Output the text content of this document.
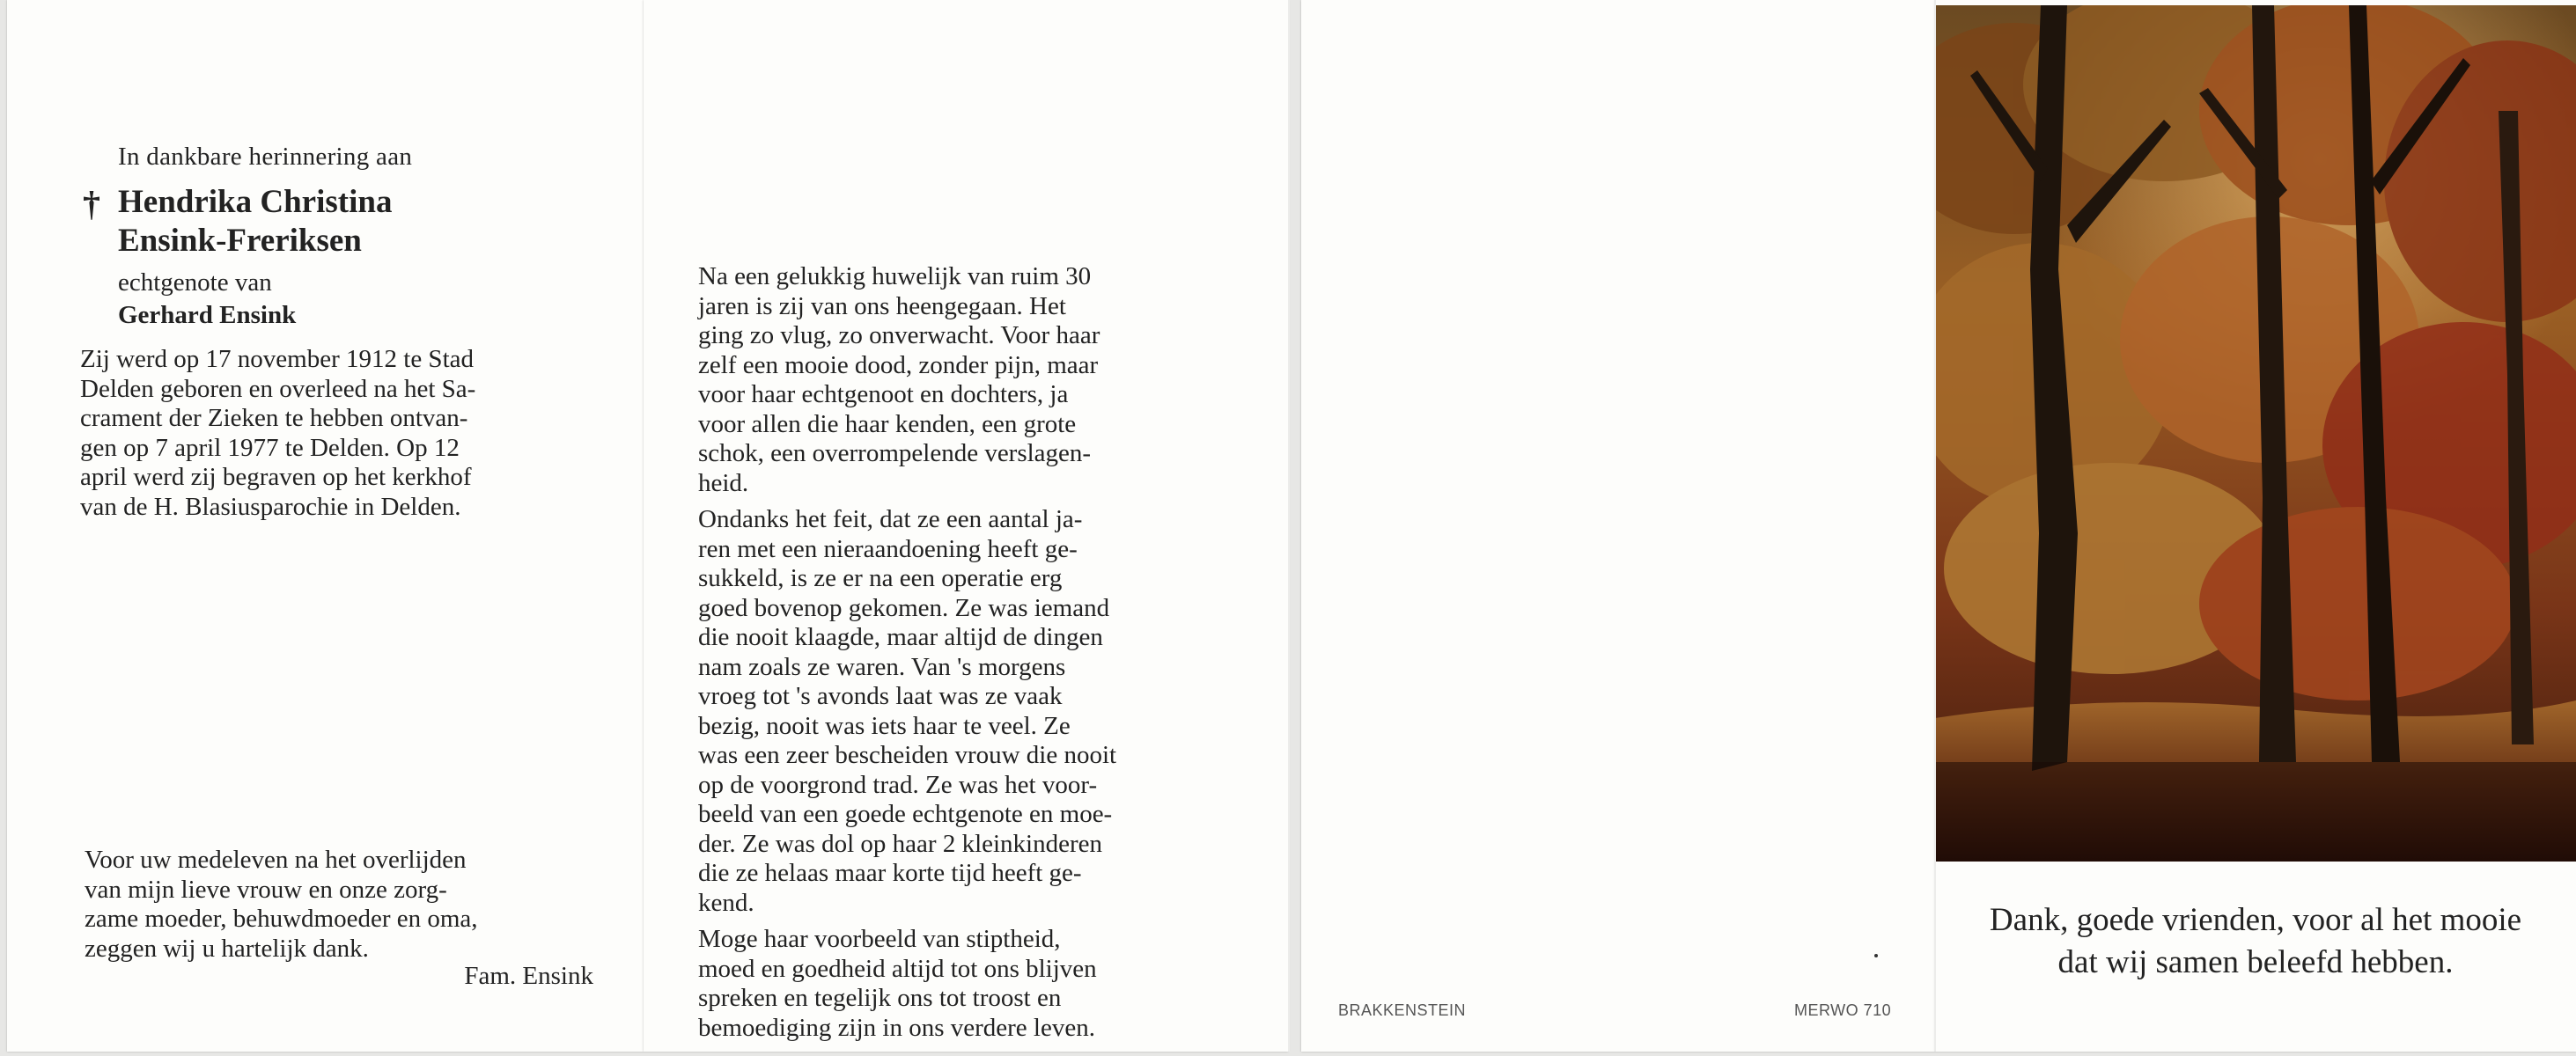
In dankbare herinnering aan
† Hendrika Christina
Ensink-Freriksen
echtgenote van
Gerhard Ensink
Zij werd op 17 november 1912 te Stad
Delden geboren en overleed na het Sa-
crament der Zieken te hebben ontvan-
gen op 7 april 1977 te Delden. Op 12
april werd zij begraven op het kerkhof
van de H. Blasiusparochie in Delden.
Voor uw medeleven na het overlijden
van mijn lieve vrouw en onze zorg-
zame moeder, behuwdmoeder en oma,
zeggen wij u hartelijk dank.
Fam. Ensink
Na een gelukkig huwelijk van ruim 30
jaren is zij van ons heengegaan. Het
ging zo vlug, zo onverwacht. Voor haar
zelf een mooie dood, zonder pijn, maar
voor haar echtgenoot en dochters, ja
voor allen die haar kenden, een grote
schok, een overrompelende verslagen-
heid.
Ondanks het feit, dat ze een aantal ja-
ren met een nieraandoening heeft ge-
sukkeld, is ze er na een operatie erg
goed bovenop gekomen. Ze was iemand
die nooit klaagde, maar altijd de dingen
nam zoals ze waren. Van 's morgens
vroeg tot 's avonds laat was ze vaak
bezig, nooit was iets haar te veel. Ze
was een zeer bescheiden vrouw die nooit
op de voorgrond trad. Ze was het voor-
beeld van een goede echtgenote en moe-
der. Ze was dol op haar 2 kleinkinderen
die ze helaas maar korte tijd heeft ge-
kend.
Moge haar voorbeeld van stiptheid,
moed en goedheid altijd tot ons blijven
spreken en tegelijk ons tot troost en
bemoediging zijn in ons verdere leven.
BRAKKENSTEIN	MERWO 710
Dank, goede vrienden, voor al het mooie
dat wij samen beleefd hebben.
